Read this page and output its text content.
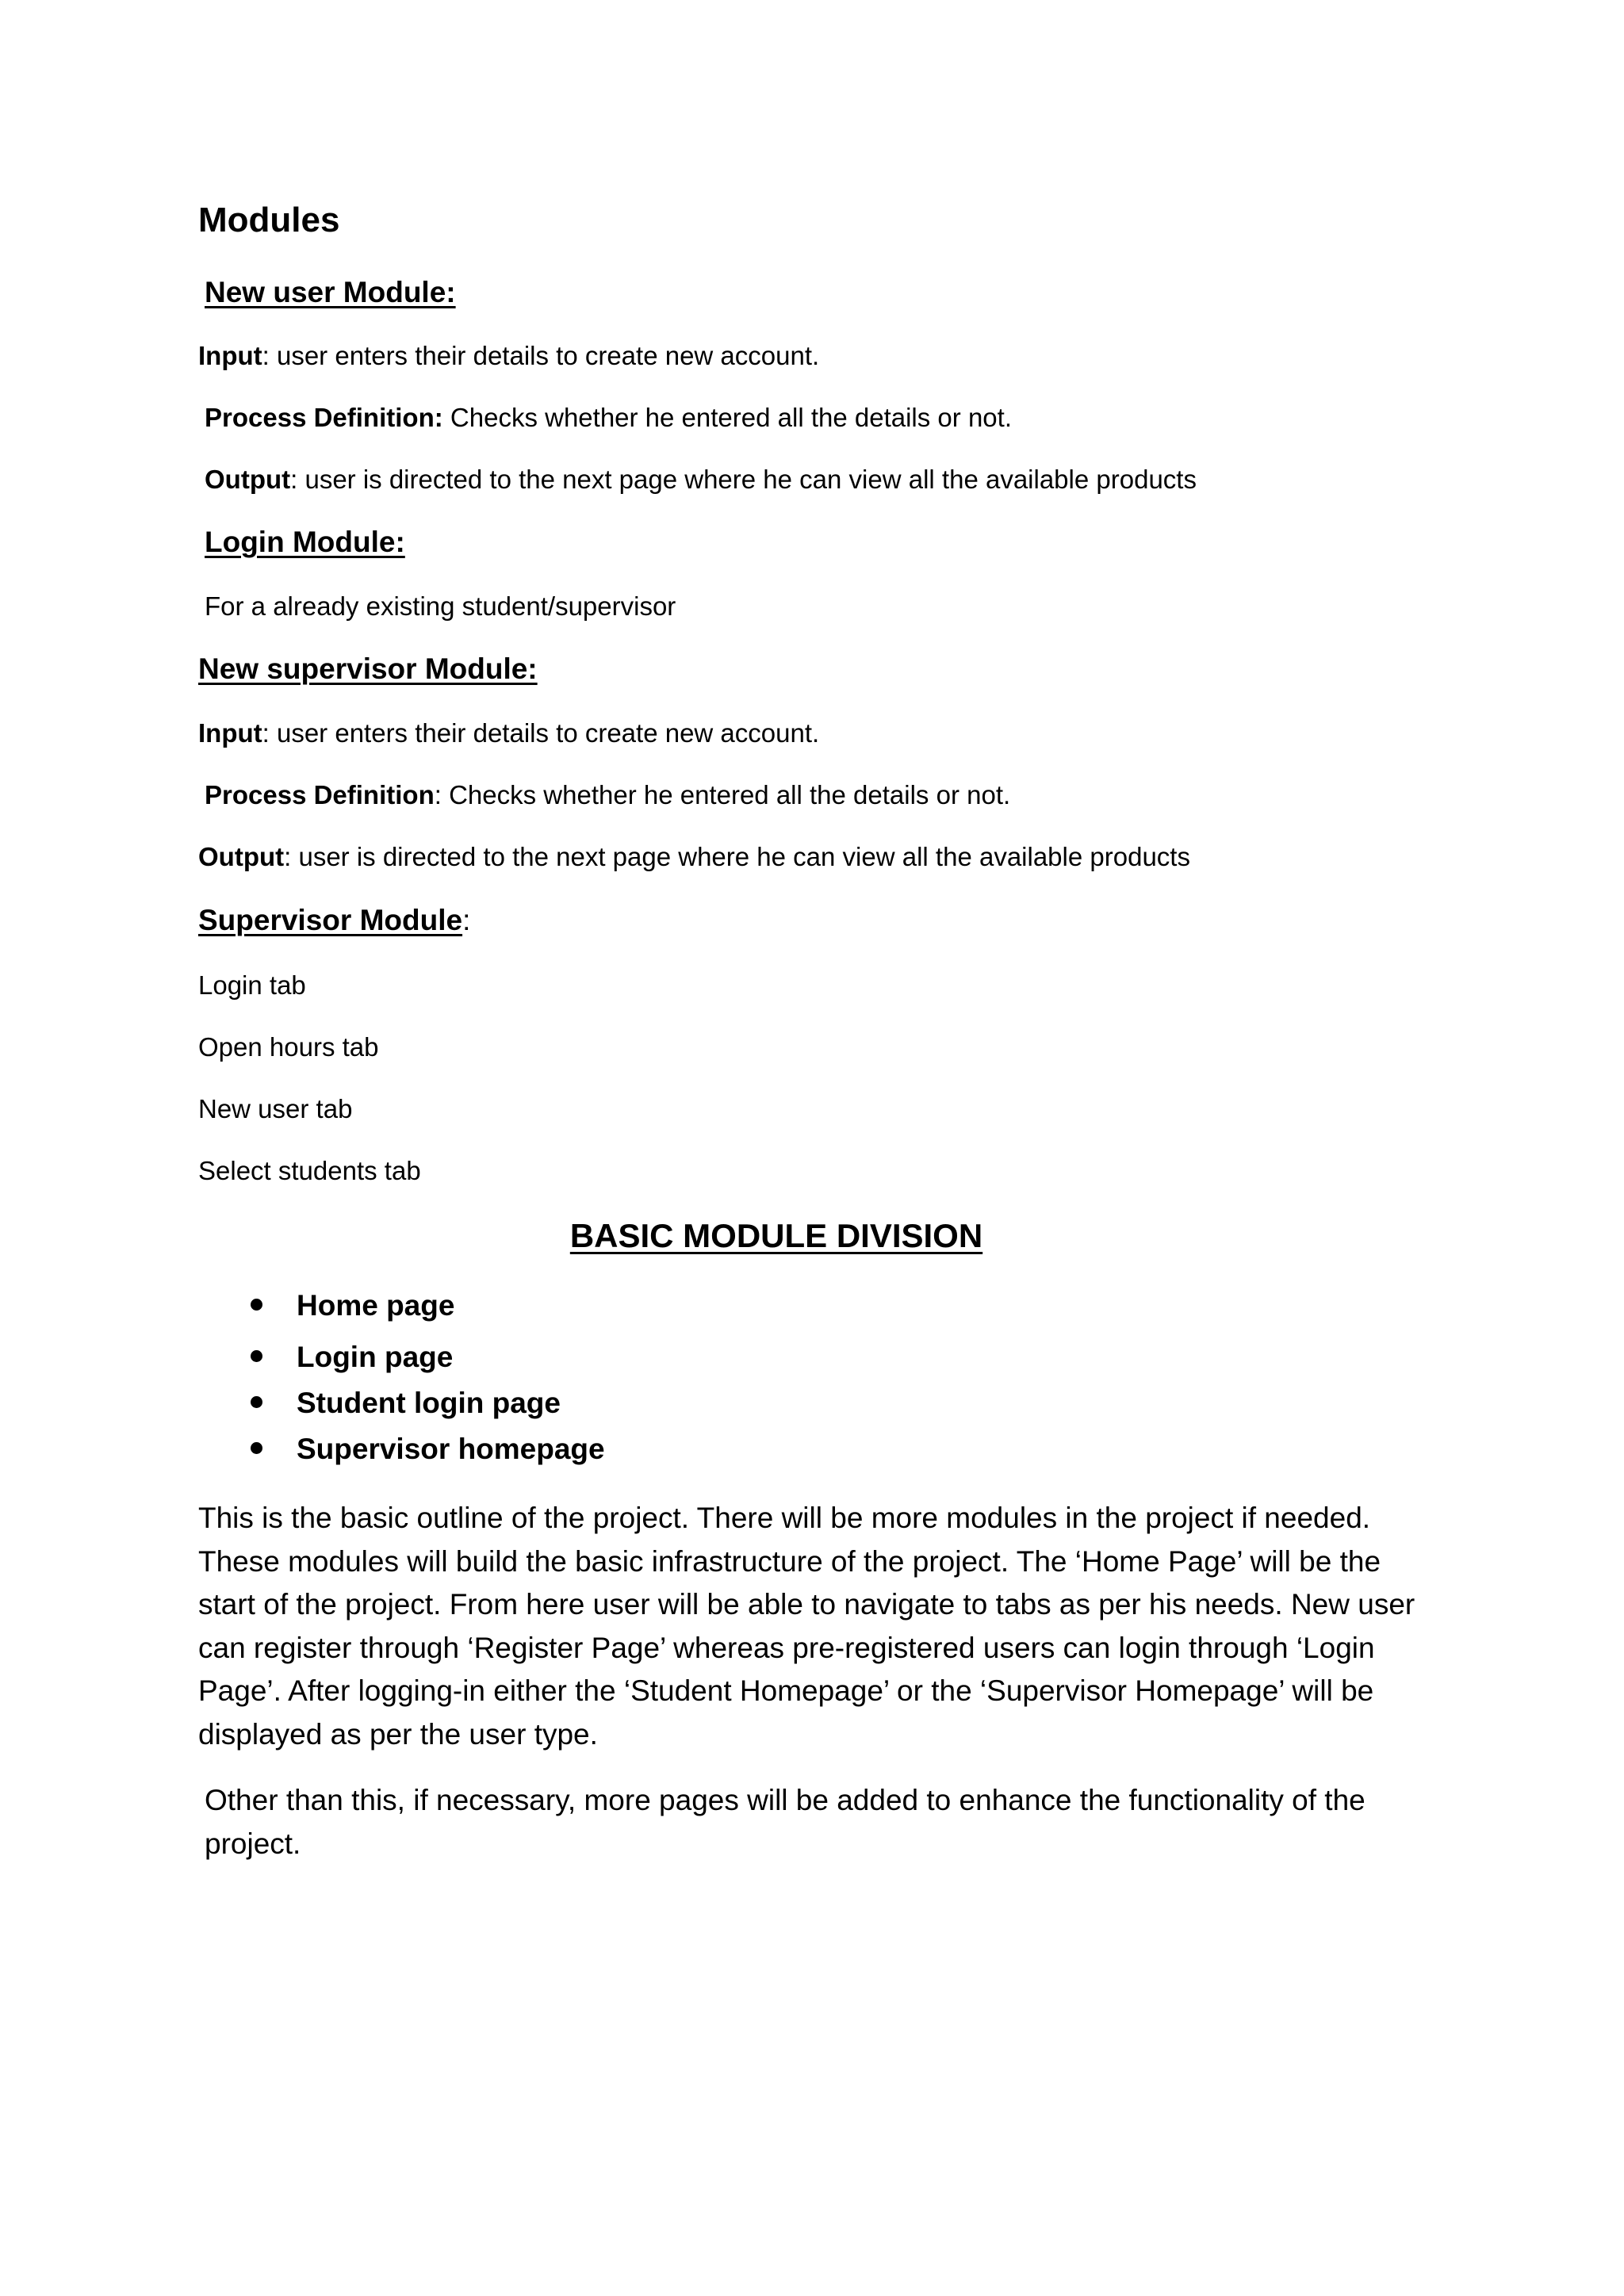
Modules
New user Module:
Input: user enters their details to create new account.
Process Definition: Checks whether he entered all the details or not.
Output: user is directed to the next page where he can view all the available products
Login Module:
For a already existing student/supervisor
New supervisor Module:
Input: user enters their details to create new account.
Process Definition: Checks whether he entered all the details or not.
Output: user is directed to the next page where he can view all the available products
Supervisor Module:
Login tab
Open hours tab
New user tab
Select students tab
BASIC MODULE DIVISION
Home page
Login page
Student login page
Supervisor homepage

This is the basic outline of the project. There will be more modules in the project if needed. These modules will build the basic infrastructure of the project. The ‘Home Page’ will be the start of the project. From here user will be able to navigate to tabs as per his needs. New user can register through ‘Register Page’ whereas pre-registered users can login through ‘Login Page’. After logging-in either the ‘Student Homepage’ or the ‘Supervisor Homepage’ will be displayed as per the user type.

Other than this, if necessary, more pages will be added to enhance the functionality of the project.
